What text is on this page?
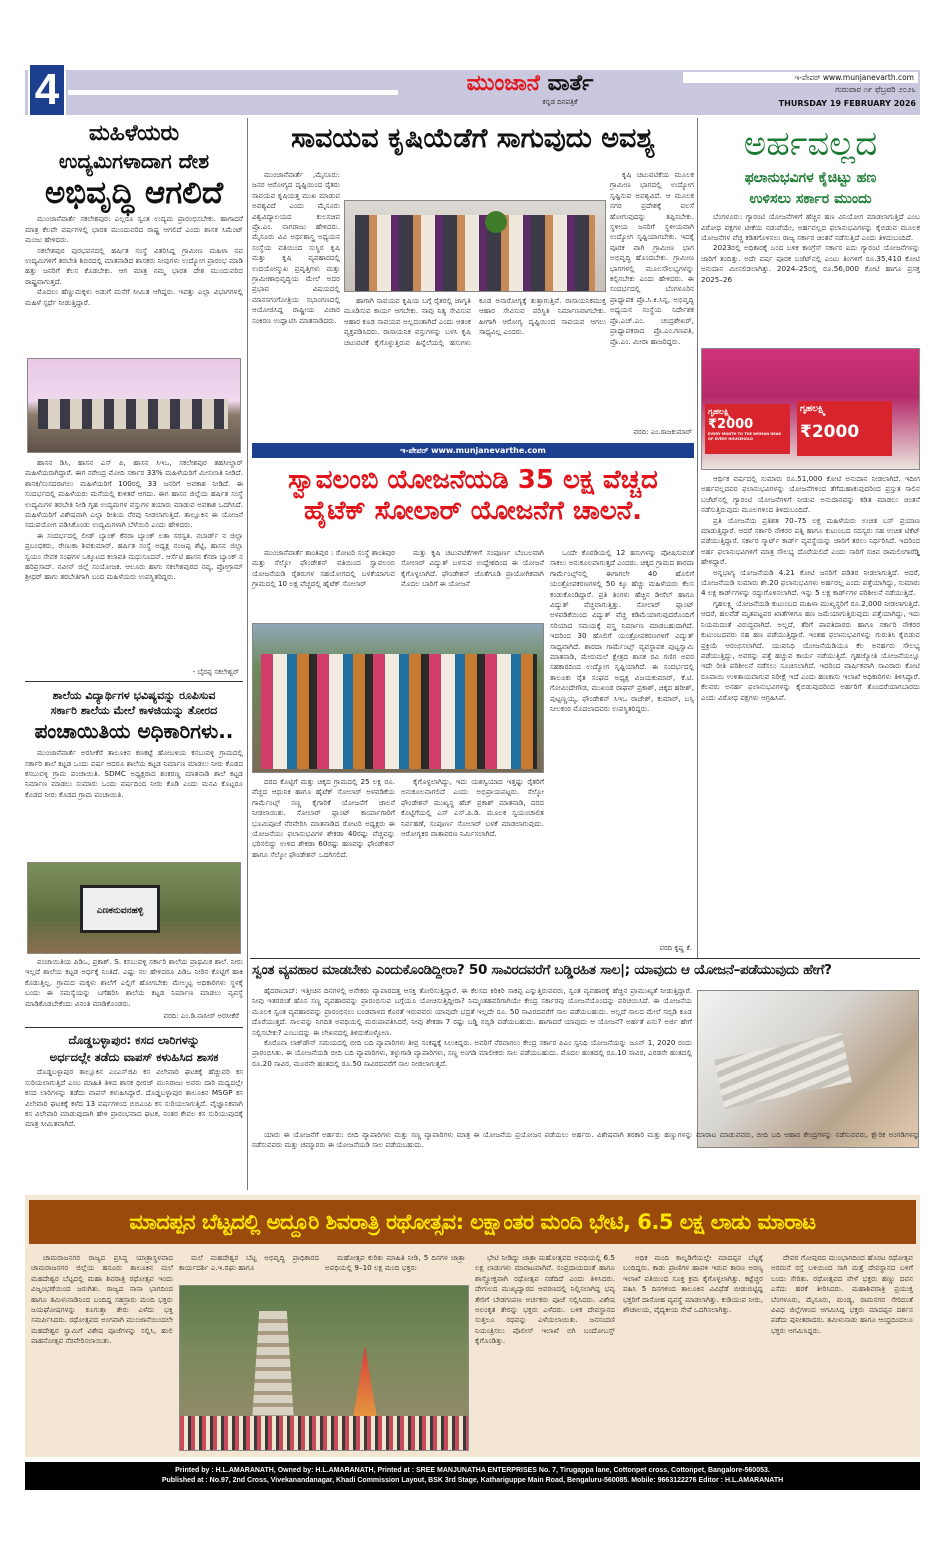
4	ಮುಂಜಾನೆ ವಾರ್ತೆ
ಕನ್ನಡ ದಿನಪತ್ರಿಕೆ
ಇ-ಪೇಪರ್ www.munjanevarth.com
ಗುರುವಾರ ೧೯ ಫೆಬ್ರವರಿ ೨೦೨೬
THURSDAY 19 FEBRUARY 2026
ಮಹಿಳೆಯರು
ಉದ್ಯಮಿಗಳಾದಾಗ ದೇಶ
ಅಭಿವೃದ್ಧಿ ಆಗಲಿದೆ

ಮುಂಜಾನೆವಾರ್ತೆ ಸಕಲೇಶಪುರ: ಎಲ್ಲರೂ ಸ್ವಂತ ಉದ್ಯಮ ಪ್ರಾರಂಭಿಸಬೇಕು. ಹಾಗಾದರೆ ಮಾತ್ರ ಕೆಲವೇ ವರ್ಷಗಳಲ್ಲಿ ಭಾರತ ಮುಂದುವರಿದ ರಾಷ್ಟ್ರ ಆಗಲಿದೆ ಎಂದು ಶಾಸಕ ಸಿಮೆಂಟ್ ಮಂಜು ಹೇಳಿದರು.

ಸಕಲೇಶಪುರ ಪುರಭವನದಲ್ಲಿ ಹರ್ಷಿತ ಸಂಸ್ಥೆ ವಿತರಿಸಿದ್ದ ಗ್ರಾಮೀಣ ಮಹಿಳಾ ನವ ಉದ್ಯಮಿಗಳಿಗೆ ತರಬೇತಿ ಶಿಬಿರದಲ್ಲಿ ಮಾತನಾಡಿದ ಶಾಸಕರು ನೀವುಗಳು ಉದ್ಯೋಗ ಪ್ರಾರಂಭ ಮಾಡಿ ಹತ್ತು ಜನರಿಗೆ ಕೆಲಸ ಕೊಡಬೇಕು. ಆಗ ಮಾತ್ರ ನಮ್ಮ ಭಾರತ ದೇಶ ಮುಂದುವರಿದ ರಾಷ್ಟ್ರವಾಗುತ್ತದೆ.

ಮೊದಲು ಹೆಣ್ಣುಮಕ್ಕಳು ಅಡುಗೆ ಮನೆಗೆ ಸೀಮಿತ ಆಗಿದ್ದರು. ಇವತ್ತು ಎಲ್ಲಾ ವಿಭಾಗಗಳಲ್ಲಿ ಮಹಿಳೆ ಸ್ಪರ್ಧೆ ನೀಡುತ್ತಿದ್ದಾರೆ.

ಹಾಸನ ಡಿಸಿ, ಹಾಸನ ಎಸ್ ಪಿ, ಹಾಸನ ಸಿಇಒ, ಸಕಲೇಶಪುರ ತಹಸೀಲ್ದಾರ್ ಮಹಿಳೆಯರಾಗಿದ್ದಾರೆ. ಈಗ ನರೇಂದ್ರ ಮೋದಿ ಸರ್ಕಾರ 33% ಮಹಿಳೆಯರಿಗೆ ಮೀಸಲಾತಿ ನೀಡಿದೆ. ಶಾಸಕ/ಸಂಸದರಾಗಲು ಮಹಿಳೆಯರಿಗೆ 100ರಲ್ಲಿ 33 ಜನರಿಗೆ ಅವಕಾಶ ನೀಡಿದೆ. ಈ ಸಂದರ್ಭದಲ್ಲಿ ಮಹಿಳೆಯರು ಮನೆಯಲ್ಲಿ ಕುಳಿತರೆ ಆಗದು. ಈಗ ಹಾಸನ ಜಿಲ್ಲೆಯ ಹರ್ಷಿತ ಸಂಸ್ಥೆ ಉದ್ಯಮಿಗಳ ತರಬೇತಿ ನೀಡಿ ಗೃಹ ಉದ್ಯಮಗಳ ವಸ್ತುಗಳ ತಯಾರು ಮಾಡುವ ಅವಕಾಶ ಒದಗಿಸಿದೆ. ಮಹಿಳೆಯರಿಗೆ ವಿಶೇಷವಾಗಿ ಎಲ್ಲಾ ರೀತಿಯ ನೆರವು ನೀಡಲಾಗುತ್ತಿದೆ. ತಾಲ್ಲೂಕಿನ ಈ ಯೋಜನೆ ಸದುಪಯೋಗ ಪಡಿಸಿಕೊಂಡು ಉದ್ಯಮಿಗಳಾಗಿ ಬೆಳೆಯಿರಿ ಎಂದು ಹೇಳಿದರು.

ಈ ಸಂದರ್ಭದಲ್ಲಿ ಲೀಡ್ ಬ್ಯಾಂಕ್ ಕೆನರಾ ಬ್ಯಾಂಕ್ ಲತಾ ಸರಸ್ವತಿ. ನಬಾರ್ಡ್ ನ ಜಿಲ್ಲಾ ಪ್ರಬಂಧಕರು, ರೇಣುಕಾ ಶಿವಕುಮಾರ್. ಹರ್ಷಿತ ಸಂಸ್ಥೆ ಅಧ್ಯಕ್ಷ ನಂಜಪ್ಪ ಶೆಟ್ಟಿ, ಹಾಸನ ಜಿಲ್ಲಾ ಸ್ವಯಂ ಸೇವಕ ಸಂಘಗಳ ಒಕ್ಕೂಟದ ಕಲಾವತಿ ಮಧುಸೂದನ್. ಆರ್ಸೆಟಿ ಹಾಸನ ಕೆನರಾ ಬ್ಯಾಂಕ್ ನ ಹರಿಪ್ರಸಾದ್. ನವೀನ್ ಜಿಲ್ಲೆ ಸಂಯೋಜಕ. ಆಲೂರು ಹಾಗು ಸಕಲೇಶಪುರದ ನವ್ಯ, ಪ್ರೋಗ್ರಾಮ್ ಶ್ರೀಧರ್ ಹಾಗು ತರಬೇತಿಗಾಗಿ ಬಂದ ಮಹಿಳೆಯರು ಉಪಸ್ಥಿತರಿದ್ದರು.

- ಬೈರಪ್ಪ ಸಕಲೇಶ್ವರ್
ಶಾಲೆಯ ವಿದ್ಯಾರ್ಥಿಗಳ ಭವಿಷ್ಯವನ್ನು ರೂಪಿಸುವ
ಸರ್ಕಾರಿ ಶಾಲೆಯ ಮೇಲೆ ಕಾಳಜಿಯನ್ನು ತೋರದ
ಪಂಚಾಯಿತಿಯ ಅಧಿಕಾರಿಗಳು..

ಮುಂಜಾನೆವಾರ್ತೆ ಅರಸೀಕೆರೆ ತಾಲೂಕಿನ ಕಣಕಟ್ಟೆ ಹೋಬಳಿಯ ಕಸಬುವಳ್ಳಿ ಗ್ರಾಮದಲ್ಲಿ ಸರ್ಕಾರಿ ಶಾಲೆ ಕಟ್ಟಡ ಒಂದು ವರ್ಷ ಆದರೂ ಶಾಲೆಯ ಕಟ್ಟಡ ನಿರ್ಮಾಣ ಮಾಡಲು ನೀರು ಕೊಡದ ಕಸಬುವಳ್ಳಿ ಗ್ರಾಮ ಪಂಚಾಯಿತಿ. SDMC ಅಧ್ಯಕ್ಷರಾದ ಶಂಕರಣ್ಣ ಮಾತನಾಡಿ ಶಾಲೆ ಕಟ್ಟಡ ನಿರ್ಮಾಣ ಮಾಡಲು ಸುಮಾರು ಒಂದು ವರ್ಷದಿಂದ ನೀರು ಕೊಡಿ ಎಂದು ಮನವಿ ಕೊಟ್ಟರೂ ಕೊಡದ ನೀರು ಕೊಡದ ಗ್ರಾಮ ಪಂಚಾಯಿತಿ.

ಎಣಕನುವನಹಳ್ಳಿ

ಪಂಚಾಯಿತಿಯ ಪಿಡಿಒ, ಪ್ರಕಾಶ್. S. ಕಸಬುವಳ್ಳಿ ಸರ್ಕಾರಿ ಶಾಲೆಯ ಪ್ರಾಥಮಿಕ ಶಾಲೆ. ನೀರು ಇಲ್ಲದೆ ಶಾಲೆಯ ಕಟ್ಟಡ ಅರ್ಧಕ್ಕೆ ನಿಂತಿದೆ. ಎಷ್ಟು ಸಲ ಹೇಳಿದರೂ ಪಿಡಿಒ ನೀರಿನ ಕೊಟ್ಟಿಗೆ ಹಾಕಿ ಕೊಡುತ್ತಿಲ್ಲ. ಗ್ರಾಮದ ಮಕ್ಕಳು ಶಾಲೆಗೆ ಎಲ್ಲಿಗೆ ಹೋಗಬೇಕು ಮೇಲ್ಮಟ್ಟ ಅಧಿಕಾರಿಗಳು ಸ್ಥಳಕ್ಕೆ ಬಂದು ಈ ಸಮಸ್ಯೆಯನ್ನು ಬಗೆಹರಿಸಿ ಶಾಲೆಯ ಕಟ್ಟಡ ನಿರ್ಮಾಣ ಮಾಡಲು ವ್ಯವಸ್ಥೆ ಮಾಡಿಕೊಡಬೇಕೆಂದು ವಿನಂತಿ ಮಾಡಿಕೊಂಡರು.

ವರದಿ: ಎಂ.ಡಿ.ನಾಸೀರ್ ಅರಸೀಕೆರೆ
ದೊಡ್ಡಬಳ್ಳಾಪುರ: ಕಸದ ಲಾರಿಗಳನ್ನು
ಅರ್ಧದಲ್ಲೇ ತಡೆದು ವಾಪಸ್ ಕಳುಹಿಸಿದ ಶಾಸಕ

ದೊಡ್ಡಬಳ್ಳಾಪುರ ತಾಲ್ಲೂಕಿನ ಎಂಎಸ್‌ಜಿಪಿ ಕಸ ವಿಲೇವಾರಿ ಘಟಕಕ್ಕೆ ಹೆಚ್ಚುವರಿ ಕಸ ಸುರಿಯಲಾಗುತ್ತಿದೆ ಎಂಬ ಮಾಹಿತಿ ತಿಳಿದ ಶಾಸಕ ಧೀರಜ್ ಮುನಿರಾಜು ಅವರು ದಾರಿ ಮಧ್ಯದಲ್ಲೇ ಕಸದ ಲಾರಿಗಳನ್ನು ತಡೆದು ವಾಪಸ್ ಕಳುಹಿಸಿದ್ದಾರೆ. ದೊಡ್ಡಬಳ್ಳಾಪುರ ತಾಲೂಕಿನ MSGP ಕಸ ವಿಲೇವಾರಿ ಘಟಕಕ್ಕೆ ಕಳೆದ 13 ವರ್ಷಗಳಿಂದ ಬಿಬಿಎಂಪಿ ಕಸ ಸುರಿಯಲಾಗುತ್ತಿದೆ. ವೈಜ್ಞಾನಿಕವಾಗಿ ಕಸ ವಿಲೇವಾರಿ ಮಾಡುವುದಾಗಿ ಹೇಳಿ ಪ್ರಾರಂಭವಾದ ಘಟಕ, ನಂತರ ಕೇವಲ ಕಸ ಸುರಿಯುವುದಕ್ಕೆ ಮಾತ್ರ ಸೀಮಿತವಾಗಿದೆ.

ಸಾವಯವ ಕೃಷಿಯೆಡೆಗೆ ಸಾಗುವುದು ಅವಶ್ಯ

ಮುಂಜಾನೆವಾರ್ತೆ ,ಮೈಸೂರು: ಜನರ ಆರೋಗ್ಯದ ದೃಷ್ಟಿಯಿಂದ ರೈತರು ಸಾವಯವ ಕೃಷಿಯತ್ತ ಮುಖ ಮಾಡುವ ಅವಶ್ಯವಿದೆ ಎಂದು ಮೈಸೂರು ವಿಶ್ವವಿದ್ಯಾಲಯದ ಕುಲಸಚಿವ ಪ್ರೊ.ಎಂ. ನಾಗರಾಜು ಹೇಳಿದರು. ಮೈಸೂರು ವಿವಿ ಅರ್ಥಶಾಸ್ತ್ರ ಅಧ್ಯಯನ ಸಂಸ್ಥೆಯ ವತಿಯಿಂದ ಸುಸ್ಥಿರ ಕೃಷಿ ಮತ್ತು ಕೃಷಿ ವ್ಯವಹಾರದಲ್ಲಿ ಉದಯೋನ್ಮುಖ ಪ್ರವೃತ್ತಿಗಳು ಮತ್ತು ಗ್ರಾಮೀಣಾಭಿವೃದ್ಧಿಯ ಮೇಲೆ ಅದರ ಪ್ರಭಾವ ವಿಷಯದಲ್ಲಿ ಮಾನಸಗಂಗೋತ್ರಿಯ ಸಭಾಂಗಣದಲ್ಲಿ ಆಯೋಜಿಸಿದ್ದ ರಾಷ್ಟ್ರೀಯ ವಿಚಾರ ಸಂಕಿರಣ ಉದ್ಘಾಟಿಸಿ ಮಾತನಾಡಿದರು.

ಹಾಗಾಗಿ ಸಾವಯವ ಕೃಷಿಯ ಬಗ್ಗೆ ರೈತರಲ್ಲಿ ಜಾಗೃತಿ ಮೂಡಿಸುವ ಕಾರ್ಯ ಆಗಬೇಕು. ನಾವು ನಿತ್ಯ ಸೇವಿಸುವ ಆಹಾರ ಕೂಡ ಸಾವಯವ ಅಲ್ಲದಂತಾಗಿದೆ ಎಂದು ಆತಂಕ ವ್ಯಕ್ತಪಡಿಸಿದರು. ರಾಸಾಯನಿಕ ವಸ್ತುಗಳನ್ನು ಬಳಸಿ ಕೃಷಿ ಚಟುವಟಿಕೆ ಕೈಗೊಳ್ಳುತ್ತಿರುವ ಹಿನ್ನೆಲೆಯಲ್ಲಿ ಹಸುಗಳು ಕೂಡ ಅನಾರೋಗ್ಯಕ್ಕೆ ತುತ್ತಾಗುತ್ತಿವೆ. ರಾಸಾಯನಿಕಮುಕ್ತ ಆಹಾರ ಸೇವಿಸುವ ಪರಿಸ್ಥಿತಿ ನಿರ್ಮಾಣವಾಗಬೇಕು. ಹೀಗಾಗಿ ಆರೋಗ್ಯ ದೃಷ್ಟಿಯಿಂದ ಸಾವಯವ ಆಗಲು ಸಾಧ್ಯವಿಲ್ಲ ಎಂದರು.

ಕೃಷಿ ಚಟುವಟಿಕೆಯ ಮೂಲಕ ಗ್ರಾಮೀಣ ಭಾಗದಲ್ಲಿ ಉದ್ಯೋಗ ಸೃಷ್ಟಿಸುವ ಅವಶ್ಯವಿದೆ. ಆ ಮೂಲಕ ನಗರ ಪ್ರದೇಶಕ್ಕೆ ವಲಸೆ ಹೋಗುವುದನ್ನು ತಪ್ಪಿಸಬೇಕು. ಸ್ಥಳೀಯ ಜನರಿಗೆ ಸ್ಥಳೀಯವಾಗಿ ಉದ್ಯೋಗ ಸೃಷ್ಟಿಯಾಗಬೇಕು. ಇದಕ್ಕೆ ಪೂರಕ ವಾಗಿ ಗ್ರಾಮೀಣ ಭಾಗ ಅಭಿವೃದ್ಧಿ ಹೊಂದಬೇಕು. ಗ್ರಾಮೀಣ ಭಾಗಗಳಲ್ಲಿ ಮೂಲಸೌಲಭ್ಯಗಳನ್ನು ಕಲ್ಪಿಸಬೇಕು ಎಂದು ಹೇಳಿದರು. ಈ ಸಂದರ್ಭದಲ್ಲಿ ಬೆಂಗಳೂರಿನ ಪ್ರಾಧ್ಯಾಪಕ ಪ್ರೊ.ಸಿ.ಕಿ.ಸಿನ್ನ, ಅಭಿವೃದ್ಧಿ ಅಧ್ಯಯನ ಸಂಸ್ಥೆಯ ನಿರ್ದೇಶಕ ಪ್ರೊ.ಎಚ್.ಎಂ. ಚಂದ್ರಶೇಖರ್, ಪ್ರಾಧ್ಯಾಪಕರಾದ ಪ್ರೊ.ಎಂ.ಗಣಪತಿ, ಪ್ರೊ.ಎಂ. ಮೀರಾ ಹಾಜರಿದ್ದರು.

ವರದಿ: ಎಂ.ರಾಜಕುಮಾರ್
ಇ-ಪೇಪರ್ www.munjanevarthe.com
ಸ್ವಾವಲಂಬಿ ಯೋಜನೆಯಡಿ 35 ಲಕ್ಷ ವೆಚ್ಚದ
ಹೈಟೆಕ್ ಸೋಲಾರ್ ಯೋಜನೆಗೆ ಚಾಲನೆ.

ಮುಂಜಾನೆವಾರ್ತೆ ಶಾಂತಿಪುರ : ರೋಟರಿ ಸಂಸ್ಥೆ ಶಾಂತಿಪುರ ಮತ್ತು ಸೆಲ್ಕೋ ಫೌಂಡೇಶನ್ ವತಿಯಿಂದ ಸ್ವಾವಲಂಬಿ ಯೋಜನೆಯಡಿ ರೈತರುಗಳ ಸಹಯೋಗದಲ್ಲಿ ಬಳಕೆಯಾಗುವ ಗ್ರಾಮದಲ್ಲಿ 10 ಲಕ್ಷ ವೆಚ್ಚದಲ್ಲಿ ಹೈಟೆಕ್ ಸೋಲಾರ್

ಮತ್ತು ಕೃಷಿ ಚಟುವಟಿಕೆಗಳಿಗೆ ಸಂಪೂರ್ಣ ಬೆಂಬಲವಾಗಿ ಸೋಲಾರ್ ವಿದ್ಯುತ್ ಬಳಸುವ ಉದ್ದೇಶದಿಂದ ಈ ಯೋಜನೆ ಕೈಗೊಳ್ಳಲಾಗಿದೆ. ಫೌಂಡೇಶನ್ ಜೊತೆಗೂಡಿ ಪ್ರಾಯೋಗಿಕವಾಗಿ ಮೊದಲ ಬಾರಿಗೆ ಈ ಯೋಜನೆ

ಒಂದೇ ಕೊಠಡಿಯಲ್ಲಿ 12 ಹಸುಗಳನ್ನು ಪೋಷಿಸುವಂತೆ ಸಾಕಲು ಅನುಕೂಲವಾಗುತ್ತದೆ ಎಂದರು. ಚಿಕ್ಕದ ಗ್ರಾಮದ ಶಾರದಾ ಗಾರ್ಮೆಂಟ್ಸ್‌ನಲ್ಲಿ ಈಗಾಗಲೇ 40 ಹೊಲಿಗೆ ಯಂತ್ರೋಪಕರಣಗಳಲ್ಲಿ 50 ಕ್ಕೂ ಹೆಚ್ಚು ಮಹಿಳೆಯರು ಕೆಲಸ ಕಂಡುಕೊಂಡಿದ್ದಾರೆ. ಪ್ರತಿ ತಿಂಗಳು ಹೆಚ್ಚಿನ ಡೀಸೆಲ್ ಹಾಗೂ ವಿದ್ಯುತ್ ವೆಚ್ಚವಾಗುತ್ತಿತ್ತು. ಸೋಲಾರ್ ಪ್ಲಾಂಟ್ ಅಳವಡಿಕೆಯಿಂದ ವಿದ್ಯುತ್ ವೆಚ್ಚ ಕಡಿಮೆಯಾಗುವುದರೊಂದಿಗೆ ಸರಿಯಾದ ಸಮಯಕ್ಕೆ ವಸ್ತ್ರ ನಿರ್ಮಾಣ ಮಾಡಬಹುದಾಗಿದೆ. ಇದರಿಂದ 30 ಹೊಲಿಗೆ ಯಂತ್ರೋಪಕರಣಗಳಿಗೆ ವಿದ್ಯುತ್ ಸಾಧ್ಯವಾಗಿದೆ. ಶಾರದಾ ಗಾರ್ಮೆಂಟ್ಸ್ ವ್ಯವಸ್ಥಾಪಕ ಪುಟ್ಟಸ್ವಾಮಿ ಮಾತನಾಡಿ, ಮೇರುಮಲೆ ಕ್ಷೇತ್ರದ ಶಾಸಕ ರವಿ ಗಣಿಗ ಅವರ ಸಹಕಾರದಿಂದ ಉದ್ಯೋಗ ಸೃಷ್ಟಿಯಾಗಿದೆ. ಈ ಸಂದರ್ಭದಲ್ಲಿ ತಾಲೂಕು ರೈತ ಸಂಘದ ಅಧ್ಯಕ್ಷ ವಿಜಯಕುಮಾರ್, ಕೆ.ಟಿ. ಗೋವಿಂದೇಗೌಡ, ಮುಖಂಡ ರಾಘವ್ ಪ್ರಕಾಶ್, ಚಿಕ್ಕದ ಹರೀಶ್, ಪುಟ್ಟಣ್ಣಯ್ಯ, ಫೌಂಡೇಶನ್ ಸಿಇಒ ರಾಜೇಶ್, ಕುಮಾರ್, ಬಸ್ಸಿ ನೀಲಕಂಠ ಮೊದಲಾದವರು ಉಪಸ್ಥಿತರಿದ್ದರು.

ದರದ ಕೊಟ್ಟಿಗೆ ಮತ್ತು ಚಿಕ್ಕದ ಗ್ರಾಮದಲ್ಲಿ 25 ಲಕ್ಷ ರೂ. ವೆಚ್ಚದ ಆಧುನಿಕ ಹಾಗೂ ಹೈಟೆಕ್ ಸೋಲಾರ್ ಅಳವಡಿಕೆಯ ಗಾರ್ಮೆಂಟ್ಸ್ ಸಣ್ಣ ಕೈಗಾರಿಕೆ ಯೋಜನೆಗೆ ಚಾಲನೆ ನೀಡಲಾಯಿತು. ಸೋಲಾರ್ ಪ್ಲಾಂಟ್ ಕಾರ್ಯಾಗಾರಿಗೆ ಭೂಮಿಪೂಜೆ ನೆರವೇರಿಸಿ ಮಾತನಾಡಿದ ರೋಟರಿ ಅಧ್ಯಕ್ಷರು ಈ ಯೋಜನೆಯು ಫಲಾನುಭವಿಗಳ ಶೇಕಡಾ 40ರಷ್ಟು ವೆಚ್ಚವನ್ನು ಭರಿಸಲಿದ್ದು ಉಳಿದ ಶೇಕಡಾ 60ರಷ್ಟು ಹಣವನ್ನು ಫೌಂಡೇಶನ್ ಹಾಗೂ ಸೆಲ್ಕೋ ಫೌಂಡೇಶನ್ ಒದಗಿಸಲಿದೆ.

ಕೈಗೊಳ್ಳಲಾಗಿದ್ದು, ಇದು ಯಶಸ್ವಿಯಾದ ಇತ್ತಷ್ಟು ರೈತರಿಗೆ ಅನುಕೂಲವಾಗಲಿದೆ ಎಂದು ಅಭಿಪ್ರಾಯಪಟ್ಟರು. ಸೆಲ್ಕೋ ಫೌಂಡೇಶನ್ ಮುಖ್ಯಸ್ಥ ಹೆಚ್ ಪ್ರಕಾಶ್ ಮಾತನಾಡಿ, ದರದ ಕೊಟ್ಟಿಗೆಯಲ್ಲಿ ಎಸ್ ಎಸ್.ಪಿ.ಡಿ. ಮೂಲಕ ಸ್ವಯಂಚಾಲಿತ ನಿರ್ವಹಣೆ, ಸಂಪೂರ್ಣ ಸೋಲಾರ್ ಬಳಕೆ ಮಾಡಲಾಗುವುದು. ಆರೋಗ್ಯಕರ ವಾತಾವರಣ ನಿರ್ಮಿಸಲಾಗಿದೆ.

ವರದಿ ಕೃಷ್ಣ ಕೆ.
ಅರ್ಹವಲ್ಲದ
ಫಲಾನುಭವಿಗಳ ಕೈಚಿಟ್ಟು ಹಣ
ಉಳಿಸಲು ಸರ್ಕಾರ ಮುಂದು

ಬೆಂಗಳೂರು: ಗ್ಯಾರಂಟಿ ಯೋಜನೆಗಳಿಗೆ ಹೆಚ್ಚಿನ ಹಣ ವಿನಿಯೋಗ ಮಾಡಲಾಗುತ್ತಿದೆ ಎಂಬ ವಿರೋಧ ಪಕ್ಷಗಳ ಟೀಕೆಯ ನಡುವೆಯೇ, ಅರ್ಹವಲ್ಲದ ಫಲಾನುಭವಿಗಳನ್ನು ಕೈಬಿಡುವ ಮೂಲಕ ಯೋಜನೆಗಳ ವೆಚ್ಚ ಕಡಿತಗೊಳಿಸಲು ರಾಜ್ಯ ಸರ್ಕಾರ ಚಿಂತನೆ ನಡೆಸುತ್ತಿದೆ ಎಂದು ತಿಳಿದುಬಂದಿದೆ.

2023ರಲ್ಲಿ ಅಧಿಕಾರಕ್ಕೆ ಬಂದ ಬಳಿಕ ಕಾಂಗ್ರೆಸ್ ಸರ್ಕಾರ ಐದು ಗ್ಯಾರಂಟಿ ಯೋಜನೆಗಳನ್ನು ಜಾರಿಗೆ ತಂದಿತ್ತು. ಅದೇ ವರ್ಷ ಪೂರಕ ಬಜೆಟ್‌ನಲ್ಲಿ ಎಂಟು ತಿಂಗಳಿಗೆ ರೂ.35,410 ಕೋಟಿ ಅನುದಾನ ಮೀಸಲಿಡಲಾಗಿತ್ತು. 2024–25ರಲ್ಲಿ ರೂ.56,000 ಕೋಟಿ ಹಾಗೂ ಪ್ರಸಕ್ತ 2025–26

ಗೃಹಲಕ್ಷ್ಮಿ
₹2000
EVERY MONTH TO THE WOMAN HEAD OF EVERY HOUSEHOLD
ಗೃಹಲಕ್ಷ್ಮಿ
₹2000

ಆರ್ಥಿಕ ವರ್ಷದಲ್ಲಿ ಸುಮಾರು ರೂ.51,000 ಕೋಟಿ ಅನುದಾನ ನೀಡಲಾಗಿದೆ. ಇದೀಗ ಅರ್ಹವಲ್ಲದವರ ಫಲಾನುಭವಿಗಳನ್ನು ಯೋಜನೆಗಳಿಂದ ತೆಗೆದುಹಾಕುವುದರಿಂದ ಪ್ರಸ್ತುತ ಸಾಲಿನ ಬಜೆಟ್‌ನಲ್ಲಿ ಗ್ಯಾರಂಟಿ ಯೋಜನೆಗಳಿಗೆ ನೀಡುವ ಅನುದಾನವನ್ನು ಕಡಿತ ಮಾಡಲು ಚಿಂತನೆ ನಡೆಸುತ್ತಿರುವುದು ಮೂಲಗಳಿಂದ ತಿಳಿದುಬಂದಿದೆ.

ಪ್ರತಿ ಯೋಜನೆಯ ಪ್ರತಿಶತ 70–75 ಲಕ್ಷ ಮಹಿಳೆಯರು ಉಚಿತ ಬಸ್ ಪ್ರಯಾಣ ಮಾಡುತ್ತಿದ್ದಾರೆ. ಆದರೆ ಸರ್ಕಾರಿ ನೌಕರರ ಪತ್ನಿ ಹಾಗೂ ಕುಟುಂಬದ ಸದಸ್ಯರು ಸಹ ಉಚಿತ ಟಿಕೆಟ್ ಪಡೆಯುತ್ತಿದ್ದಾರೆ. ಸರ್ಕಾರ ಸ್ಮಾರ್ಟ್ ಕಾರ್ಡ್ ವ್ಯವಸ್ಥೆಯನ್ನು ಜಾರಿಗೆ ತರಲು ನಿರ್ಧರಿಸಿದೆ. ಇದರಿಂದ ಅರ್ಹ ಫಲಾನುಭವಿಗಳಿಗೆ ಮಾತ್ರ ಸೌಲಭ್ಯ ದೊರೆಯಲಿದೆ ಎಂದು ಸಾರಿಗೆ ಸಚಿವ ರಾಮಲಿಂಗಾರೆಡ್ಡಿ ಹೇಳಿದ್ದಾರೆ.

ಅನ್ನಭಾಗ್ಯ ಯೋಜನೆಯಡಿ 4.21 ಕೋಟಿ ಜನರಿಗೆ ಪಡಿತರ ನೀಡಲಾಗುತ್ತಿದೆ. ಆದರೆ, ಯೋಜನೆಯಡಿ ಸುಮಾರು ಶೇ.20 ಫಲಾನುಭವಿಗಳು ಅರ್ಹರಲ್ಲ ಎಂದು ಪತ್ತೆಯಾಗಿದ್ದು, ಸುಮಾರು 4 ಲಕ್ಷ ಕಾರ್ಡ್‌ಗಳನ್ನು ರದ್ದುಗೊಳಿಸಲಾಗಿದೆ. ಇನ್ನು 5 ಲಕ್ಷ ಕಾರ್ಡ್‌ಗಳ ಪರಿಶೀಲನೆ ನಡೆಯುತ್ತಿದೆ.

ಗೃಹಲಕ್ಷ್ಮಿ ಯೋಜನೆಯಡಿ ಕುಟುಂಬದ ಮಹಿಳಾ ಮುಖ್ಯಸ್ಥರಿಗೆ ರೂ.2,000 ನೀಡಲಾಗುತ್ತಿದೆ. ಆದರೆ, ಹಲವೆಡೆ ಮೃತಪಟ್ಟವರ ಖಾತೆಗಳಿಗೂ ಹಣ ಜಮೆಯಾಗುತ್ತಿರುವುದು ಪತ್ತೆಯಾಗಿದ್ದು, ಇದು ನಿಯಮದಂತೆ ವಿರುದ್ಧವಾಗಿದೆ. ಅಲ್ಲದೆ, ತೆರಿಗೆ ಪಾವತಿದಾರರು ಹಾಗೂ ಸರ್ಕಾರಿ ನೌಕರರ ಕುಟುಂಬದವರು ಸಹ ಹಣ ಪಡೆಯುತ್ತಿದ್ದಾರೆ. ಇಂತಹ ಫಲಾನುಭವಿಗಳನ್ನು ಗುರುತಿಸಿ ಕೈಬಿಡುವ ಪ್ರಕ್ರಿಯೆ ಆರಂಭಿಸಲಾಗಿದೆ. ಯುವನಿಧಿ ಯೋಜನೆಯಡಿಯೂ ಕೆಲ ಅನರ್ಹರು ಸೌಲಭ್ಯ ಪಡೆಯುತ್ತಿದ್ದು, ಅವರನ್ನು ಪತ್ತೆ ಹಚ್ಚುವ ಕಾರ್ಯ ನಡೆಯುತ್ತಿದೆ. ಗೃಹಜ್ಯೋತಿ ಯೋಜನೆಯಲ್ಲೂ ಇದೇ ರೀತಿ ಪರಿಶೀಲನೆ ನಡೆಸಲು ಸೂಚಿಸಲಾಗಿದೆ. ಇದರಿಂದ ವಾರ್ಷಿಕವಾಗಿ ಸಾವಿರಾರು ಕೋಟಿ ರೂಪಾಯಿ ಉಳಿತಾಯವಾಗುವ ನಿರೀಕ್ಷೆ ಇದೆ ಎಂದು ಹಣಕಾಸು ಇಲಾಖೆ ಅಧಿಕಾರಿಗಳು ತಿಳಿಸಿದ್ದಾರೆ. ಕೆಲವರು ಅನರ್ಹ ಫಲಾನುಭವಿಗಳನ್ನು ಕೈಬಿಡುವುದರಿಂದ ಅರ್ಹರಿಗೆ ತೊಂದರೆಯಾಗಬಾರದು ಎಂದು ವಿರೋಧ ಪಕ್ಷಗಳು ಆಗ್ರಹಿಸಿವೆ.

ಸ್ವಂತ ವ್ಯವಹಾರ ಮಾಡಬೇಕು ಎಂದುಕೊಂಡಿದ್ದೀರಾ? 50 ಸಾವಿರದವರೆಗೆ ಬಡ್ಡಿರಹಿತ ಸಾಲ|; ಯಾವುದು ಆ ಯೋಜನೆ–ಪಡೆಯುವುದು ಹೇಗೆ?

ಹೈದರಾಬಾದ್: ಇತ್ತೀಚಿನ ದಿನಗಳಲ್ಲಿ ಅನೇಕರು ವ್ಯಾಪಾರದತ್ತ ಆಸಕ್ತಿ ತೋರಿಸುತ್ತಿದ್ದಾರೆ. ಈ ಕೆಲಸದ ಕಿರಿಕಿರಿ ಸಾಕಪ್ಪ ಎನ್ನುತ್ತಿರುವವರು, ಸ್ವಂತ ವ್ಯವಹಾರಕ್ಕೆ ಹೆಚ್ಚಿನ ಪ್ರಾಮುಖ್ಯತೆ ನೀಡುತ್ತಿದ್ದಾರೆ. ನೀವು ಇತರರಂತೆ ಹೊಸ ಸಣ್ಣ ವ್ಯವಹಾರವನ್ನು ಪ್ರಾರಂಭಿಸುವ ಬಗ್ಗೆಯೂ ಯೋಚಿಸುತ್ತಿದ್ದೀರಾ? ನಿಮ್ಮಂತಹವರಿಗಾಗಿಯೇ ಕೇಂದ್ರ ಸರ್ಕಾರವು ಯೋಜನೆಯೊಂದನ್ನು ಪರಿಚಯಿಸಿದೆ. ಈ ಯೋಜನೆಯ ಮೂಲಕ ಸ್ವಂತ ವ್ಯವಹಾರವನ್ನು ಪ್ರಾರಂಭಿಸಲು ಬಂಡವಾಳದ ಕೊರತೆ ಇರುವವರು ಯಾವುದೇ ಭದ್ರತೆ ಇಲ್ಲದೇ ರೂ. 50 ಸಾವಿರದವರೆಗೆ ಸಾಲ ಪಡೆಯಬಹುದು. ಅಲ್ಲದೆ ಸಾಲದ ಮೇಲೆ ಸಬ್ಸಿಡಿ ಕೂಡ ದೊರೆಯುತ್ತದೆ. ಸಾಲವನ್ನು ನಿಗದಿತ ಅವಧಿಯಲ್ಲಿ ಮರುಪಾವತಿಸಿದರೆ, ನೀವು ಶೇಕಡಾ 7 ರಷ್ಟು ಬಡ್ಡಿ ಸಬ್ಸಿಡಿ ಪಡೆಯಬಹುದು. ಹಾಗಾದರೆ ಯಾವುದು ಆ ಯೋಜನೆ? ಅರ್ಹತೆ ಏನು? ಅರ್ಜಿ ಹೇಗೆ ಸಲ್ಲಿಸಬೇಕು? ಎಂಬುದನ್ನು ಈ ಲೇಖನದಲ್ಲಿ ತಿಳಿದುಕೊಳ್ಳೋಣ.

ಕೊರೊನಾ ಲಾಕ್‌ಡೌನ್ ಸಮಯದಲ್ಲಿ ಬೀದಿ ಬದಿ ವ್ಯಾಪಾರಿಗಳು ತೀವ್ರ ಸಂಕಷ್ಟಕ್ಕೆ ಸಿಲುಕಿದ್ದರು. ಅವರಿಗೆ ನೆರವಾಗಲು ಕೇಂದ್ರ ಸರ್ಕಾರ ಪಿಎಂ ಸ್ವನಿಧಿ ಯೋಜನೆಯನ್ನು ಜೂನ್ 1, 2020 ರಂದು ಪ್ರಾರಂಭಿಸಿತು. ಈ ಯೋಜನೆಯಡಿ ಬೀದಿ ಬದಿ ವ್ಯಾಪಾರಿಗಳು, ತಳ್ಳುಗಾಡಿ ವ್ಯಾಪಾರಿಗಳು, ಸಣ್ಣ ಅಂಗಡಿ ಮಾಲೀಕರು ಸಾಲ ಪಡೆಯಬಹುದು. ಮೊದಲ ಹಂತದಲ್ಲಿ ರೂ.10 ಸಾವಿರ, ಎರಡನೇ ಹಂತದಲ್ಲಿ ರೂ.20 ಸಾವಿರ, ಮೂರನೇ ಹಂತದಲ್ಲಿ ರೂ.50 ಸಾವಿರದವರೆಗೆ ಸಾಲ ನೀಡಲಾಗುತ್ತದೆ.

ಯಾರು ಈ ಯೋಜನೆಗೆ ಅರ್ಹರು: ಬೀದಿ ವ್ಯಾಪಾರಿಗಳು ಮತ್ತು ಸಣ್ಣ ವ್ಯಾಪಾರಿಗಳು ಮಾತ್ರ ಈ ಯೋಜನೆಯ ಪ್ರಯೋಜನ ಪಡೆಯಲು ಅರ್ಹರು. ವಿಶೇಷವಾಗಿ ತರಕಾರಿ ಮತ್ತು ಹಣ್ಣುಗಳನ್ನು ಮಾರಾಟ ಮಾಡುವವರು, ಬೀದಿ ಬದಿ ಆಹಾರ ಕೇಂದ್ರಗಳನ್ನು ನಡೆಸುವವರು, ಕ್ಷೌರಿಕ ಅಂಗಡಿಗಳನ್ನು ನಡೆಸುವವರು ಮತ್ತು ಚಮ್ಮಾರರು ಈ ಯೋಜನೆಯಡಿ ಸಾಲ ಪಡೆಯಬಹುದು.

ಮಾದಪ್ಪನ ಬೆಟ್ಟದಲ್ಲಿ ಅದ್ದೂರಿ ಶಿವರಾತ್ರಿ ರಥೋತ್ಸವ: ಲಕ್ಷಾಂತರ ಮಂದಿ ಭೇಟಿ, 6.5 ಲಕ್ಷ ಲಾಡು ಮಾರಾಟ

ಚಾಮರಾಜನಗರ ರಾಜ್ಯದ ಪ್ರಸಿದ್ಧ ಯಾತ್ರಾಸ್ಥಳವಾದ ಚಾಮರಾಜನಗರ ಜಿಲ್ಲೆಯ ಹನೂರು ತಾಲೂಕಿನ ಮಲೆ ಮಹದೇಶ್ವರ ಬೆಟ್ಟದಲ್ಲಿ ಮಹಾ ಶಿವರಾತ್ರಿ ರಥೋತ್ಸವ ಇಂದು ವಿಜೃಂಭಣೆಯಿಂದ ಜರುಗಿತು. ರಾಜ್ಯದ ನಾನಾ ಭಾಗದಿಂದ ಹಾಗೂ ತಮಿಳುನಾಡಿನಿಂದ ಬಂದಿದ್ದ ಸಹಸ್ರಾರು ಮಂದಿ ಭಕ್ತರು ಜಯಘೋಷಗಳನ್ನು ಕೂಗುತ್ತಾ ತೇರು ಎಳೆದು ಭಕ್ತಿ ಸಮರ್ಪಿಸಿದರು. ರಥೋತ್ಸವದ ಅಂಗವಾಗಿ ಮುಂಜಾನೆಯಿಂದಲೇ ಮಹದೇಶ್ವರ ಸ್ವಾಮಿಗೆ ವಿಶೇಷ ಪೂಜೆಗಳನ್ನು ಸಲ್ಲಿಸಿ, ಹುಲಿ ವಾಹನೋತ್ಸವ ನೆರವೇರಿಸಲಾಯಿತು.

ಮಲೆ ಮಹದೇಶ್ವರ ಬೆಟ್ಟ ಅಭಿವೃದ್ಧಿ ಪ್ರಾಧಿಕಾರದ ಕಾರ್ಯದರ್ಶಿ ಎ.ಇ.ರಘು ಹಾಗೂ

ಮಹೋತ್ಸವ ಕುರಿತು ಮಾಹಿತಿ ನೀಡಿ, 5 ದಿನಗಳ ಜಾತ್ರಾ ಅವಧಿಯಲ್ಲಿ 9–10 ಲಕ್ಷ ಮಂದಿ ಭಕ್ತರು

ಭೇಟಿ ನೀಡಿದ್ದು ಜಾತ್ರಾ ಮಹೋತ್ಸವದ ಅವಧಿಯಲ್ಲಿ 6.5 ಲಕ್ಷ ಲಾಡುಗಳು ಮಾರಾಟವಾಗಿವೆ. ಸಂಪ್ರದಾಯದಂತೆ ಹಾಗೂ ಶಾಸ್ತ್ರೋಕ್ತವಾಗಿ ರಥೋತ್ಸವ ನಡೆದಿದೆ ಎಂದು ತಿಳಿಸಿದರು. ದೇಗುಲದ ಮುಖ್ಯದ್ವಾರದ ಆವರಣದಲ್ಲಿ ನಿಲ್ಲಿಸಲಾಗಿದ್ದ ಭವ್ಯ ತೇರಿಗೆ ಬೇಡಗಂಪಣ ಅರ್ಚಕರು ಪೂಜೆ ಸಲ್ಲಿಸಿದರು. ವಿಶೇಷ ಅಲಂಕೃತ ತೇರನ್ನು ಭಕ್ತರು ಎಳೆದರು. ಬಳಿಕ ದೇವಸ್ಥಾನದ ಸುತ್ತಲೂ ರಥವನ್ನು ಎಳೆಯಲಾಯಿತು. ಜನಸಂದಣಿ ನಿಯಂತ್ರಿಸಲು ಪೊಲೀಸ್ ಇಲಾಖೆ ಬಿಗಿ ಬಂದೋಬಸ್ತ್ ಕೈಗೊಂಡಿತ್ತು.

ಅಧಿಕ ಮಂದಿ ಕಾಲ್ನಡಿಗೆಯಲ್ಲೇ ಮಾದಪ್ಪನ ಬೆಟ್ಟಕ್ಕೆ ಬಂದಿದ್ದರು. ಕಾಡು ಪ್ರಾಣಿಗಳ ಹಾವಳಿ ಇರುವ ಕಾರಣ ಅರಣ್ಯ ಇಲಾಖೆ ವತಿಯಿಂದ ಸೂಕ್ತ ಕ್ರಮ ಕೈಗೊಳ್ಳಲಾಗಿತ್ತು. ಕಟ್ಟೆಚ್ಚರ ವಹಿಸಿ 5 ದಿನಗಳಿಂದ ತಾಲೂಕಿನ ವಿವಿಧೆಡೆ ಬೀಡುಬಿಟ್ಟಿದ್ದ ಭಕ್ತರಿಗೆ ದಾಸೋಹ ವ್ಯವಸ್ಥೆ ಮಾಡಲಾಗಿತ್ತು. ಕುಡಿಯುವ ನೀರು, ಶೌಚಾಲಯ, ವೈದ್ಯಕೀಯ ಸೇವೆ ಒದಗಿಸಲಾಗಿತ್ತು.

ದೇವರ ಗೋಪುರದ ಮುಂಭಾಗದಿಂದ ಹೊರಟ ರಥೋತ್ಸವ ಅರಮನೆ ರಸ್ತೆ ಬಳಿಯಿಂದ ಸಾಗಿ ಮತ್ತೆ ದೇವಸ್ಥಾನದ ಬಳಿಗೆ ಬಂದು ಸೇರಿತು. ರಥೋತ್ಸವದ ವೇಳೆ ಭಕ್ತರು ಹಣ್ಣು ದವನ ಎಸೆದು ಹರಕೆ ತೀರಿಸಿದರು. ಮಹಾಶಿವರಾತ್ರಿ ಪ್ರಯುಕ್ತ ಬೆಂಗಳೂರು, ಮೈಸೂರು, ಮಂಡ್ಯ, ರಾಮನಗರ ಸೇರಿದಂತೆ ವಿವಿಧ ಜಿಲ್ಲೆಗಳಿಂದ ಆಗಮಿಸಿದ್ದ ಭಕ್ತರು ಮಾದಪ್ಪನ ದರ್ಶನ ಪಡೆದು ಪುನೀತರಾದರು. ತಮಿಳುನಾಡು ಹಾಗೂ ಆಂಧ್ರದಿಂದಲೂ ಭಕ್ತರು ಆಗಮಿಸಿದ್ದರು.

Printed by : H.L.AMARANATH, Owned by: H.L.AMARANATH, Printed at : SREE MANJUNATHA ENTERPRISES No. 7, Tirugappa lane, Cottonpet cross, Cottonpet, Bangalore-560053.
Published at : No.97, 2nd Cross, Vivekanandanagar, Khadi Commission Layout, BSK 3rd Stage, Kathariguppe Main Road, Bengaluru-560085. Mobile: 9663122276 Editor : H.L.AMARANATH
